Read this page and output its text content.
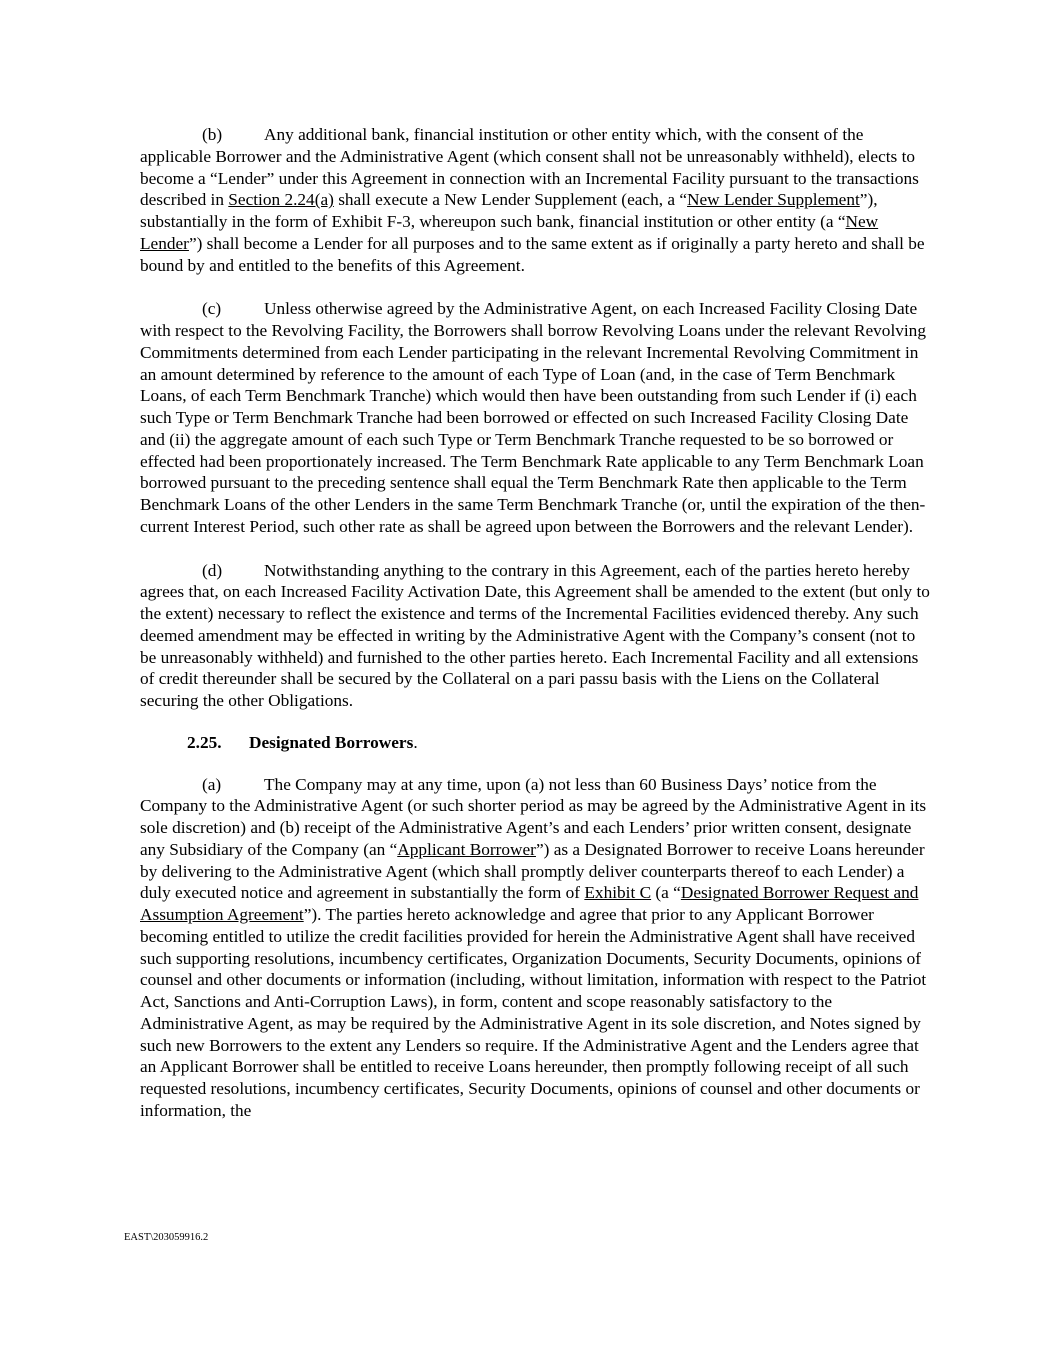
(b) Any additional bank, financial institution or other entity which, with the consent of the applicable Borrower and the Administrative Agent (which consent shall not be unreasonably withheld), elects to become a “Lender” under this Agreement in connection with an Incremental Facility pursuant to the transactions described in Section 2.24(a) shall execute a New Lender Supplement (each, a “New Lender Supplement”), substantially in the form of Exhibit F-3, whereupon such bank, financial institution or other entity (a “New Lender”) shall become a Lender for all purposes and to the same extent as if originally a party hereto and shall be bound by and entitled to the benefits of this Agreement.

(c) Unless otherwise agreed by the Administrative Agent, on each Increased Facility Closing Date with respect to the Revolving Facility, the Borrowers shall borrow Revolving Loans under the relevant Revolving Commitments determined from each Lender participating in the relevant Incremental Revolving Commitment in an amount determined by reference to the amount of each Type of Loan (and, in the case of Term Benchmark Loans, of each Term Benchmark Tranche) which would then have been outstanding from such Lender if (i) each such Type or Term Benchmark Tranche had been borrowed or effected on such Increased Facility Closing Date and (ii) the aggregate amount of each such Type or Term Benchmark Tranche requested to be so borrowed or effected had been proportionately increased. The Term Benchmark Rate applicable to any Term Benchmark Loan borrowed pursuant to the preceding sentence shall equal the Term Benchmark Rate then applicable to the Term Benchmark Loans of the other Lenders in the same Term Benchmark Tranche (or, until the expiration of the then-current Interest Period, such other rate as shall be agreed upon between the Borrowers and the relevant Lender).

(d) Notwithstanding anything to the contrary in this Agreement, each of the parties hereto hereby agrees that, on each Increased Facility Activation Date, this Agreement shall be amended to the extent (but only to the extent) necessary to reflect the existence and terms of the Incremental Facilities evidenced thereby. Any such deemed amendment may be effected in writing by the Administrative Agent with the Company’s consent (not to be unreasonably withheld) and furnished to the other parties hereto. Each Incremental Facility and all extensions of credit thereunder shall be secured by the Collateral on a pari passu basis with the Liens on the Collateral securing the other Obligations.

2.25. Designated Borrowers.

(a) The Company may at any time, upon (a) not less than 60 Business Days’ notice from the Company to the Administrative Agent (or such shorter period as may be agreed by the Administrative Agent in its sole discretion) and (b) receipt of the Administrative Agent’s and each Lenders’ prior written consent, designate any Subsidiary of the Company (an “Applicant Borrower”) as a Designated Borrower to receive Loans hereunder by delivering to the Administrative Agent (which shall promptly deliver counterparts thereof to each Lender) a duly executed notice and agreement in substantially the form of Exhibit C (a “Designated Borrower Request and Assumption Agreement”). The parties hereto acknowledge and agree that prior to any Applicant Borrower becoming entitled to utilize the credit facilities provided for herein the Administrative Agent shall have received such supporting resolutions, incumbency certificates, Organization Documents, Security Documents, opinions of counsel and other documents or information (including, without limitation, information with respect to the Patriot Act, Sanctions and Anti-Corruption Laws), in form, content and scope reasonably satisfactory to the Administrative Agent, as may be required by the Administrative Agent in its sole discretion, and Notes signed by such new Borrowers to the extent any Lenders so require. If the Administrative Agent and the Lenders agree that an Applicant Borrower shall be entitled to receive Loans hereunder, then promptly following receipt of all such requested resolutions, incumbency certificates, Security Documents, opinions of counsel and other documents or information, the

EAST\203059916.2
